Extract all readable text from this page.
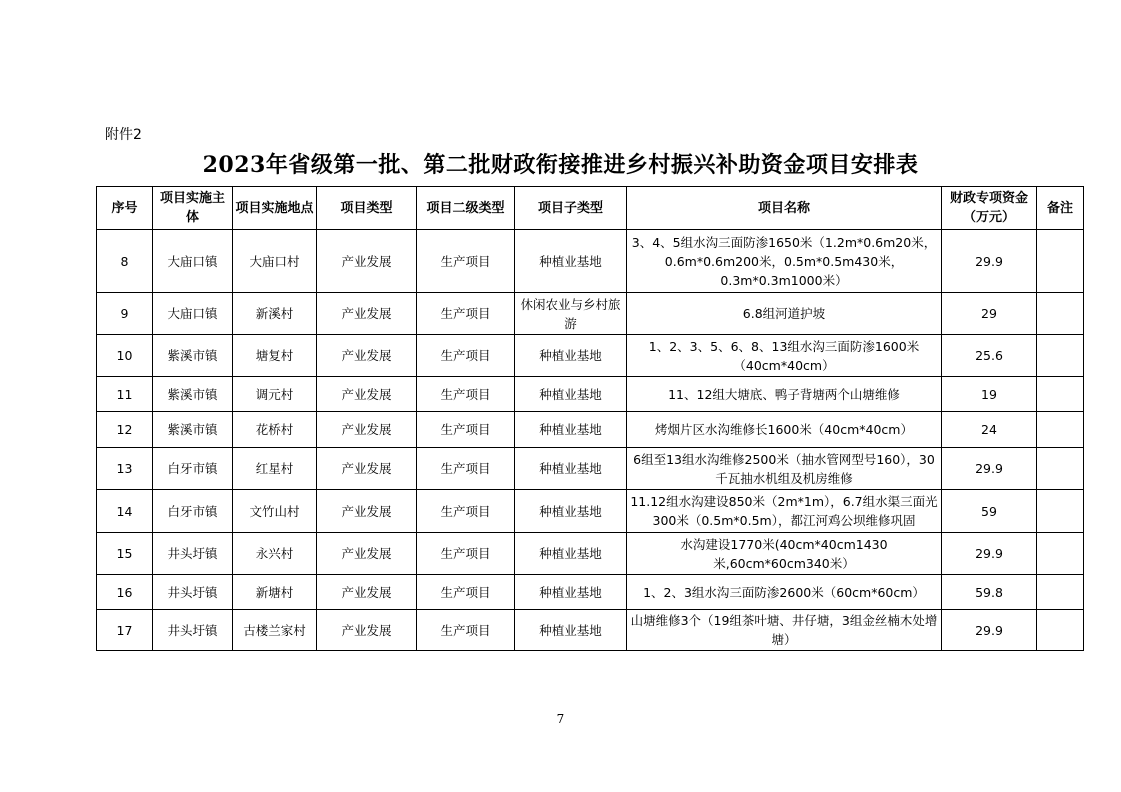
附件2
2023年省级第一批、第二批财政衔接推进乡村振兴补助资金项目安排表
序号	项目实施主体	项目实施地点	项目类型	项目二级类型	项目子类型	项目名称	财政专项资金（万元）	备注
8	大庙口镇	大庙口村	产业发展	生产项目	种植业基地	3、4、5组水沟三面防渗1650米（1.2m*0.6m20米，0.6m*0.6m200米，0.5m*0.5m430米，0.3m*0.3m1000米）	29.9	
9	大庙口镇	新溪村	产业发展	生产项目	休闲农业与乡村旅游	6.8组河道护坡	29	
10	紫溪市镇	塘复村	产业发展	生产项目	种植业基地	1、2、3、5、6、8、13组水沟三面防渗1600米（40cm*40cm）	25.6	
11	紫溪市镇	调元村	产业发展	生产项目	种植业基地	11、12组大塘底、鸭子背塘两个山塘维修	19	
12	紫溪市镇	花桥村	产业发展	生产项目	种植业基地	烤烟片区水沟维修长1600米（40cm*40cm）	24	
13	白牙市镇	红星村	产业发展	生产项目	种植业基地	6组至13组水沟维修2500米（抽水管网型号160），30千瓦抽水机组及机房维修	29.9	
14	白牙市镇	文竹山村	产业发展	生产项目	种植业基地	11.12组水沟建设850米（2m*1m），6.7组水渠三面光300米（0.5m*0.5m），都江河鸡公坝维修巩固	59	
15	井头圩镇	永兴村	产业发展	生产项目	种植业基地	水沟建设1770米(40cm*40cm1430米,60cm*60cm340米）	29.9	
16	井头圩镇	新塘村	产业发展	生产项目	种植业基地	1、2、3组水沟三面防渗2600米（60cm*60cm）	59.8	
17	井头圩镇	古楼兰家村	产业发展	生产项目	种植业基地	山塘维修3个（19组茶叶塘、井仔塘，3组金丝楠木处增塘）	29.9	
7
